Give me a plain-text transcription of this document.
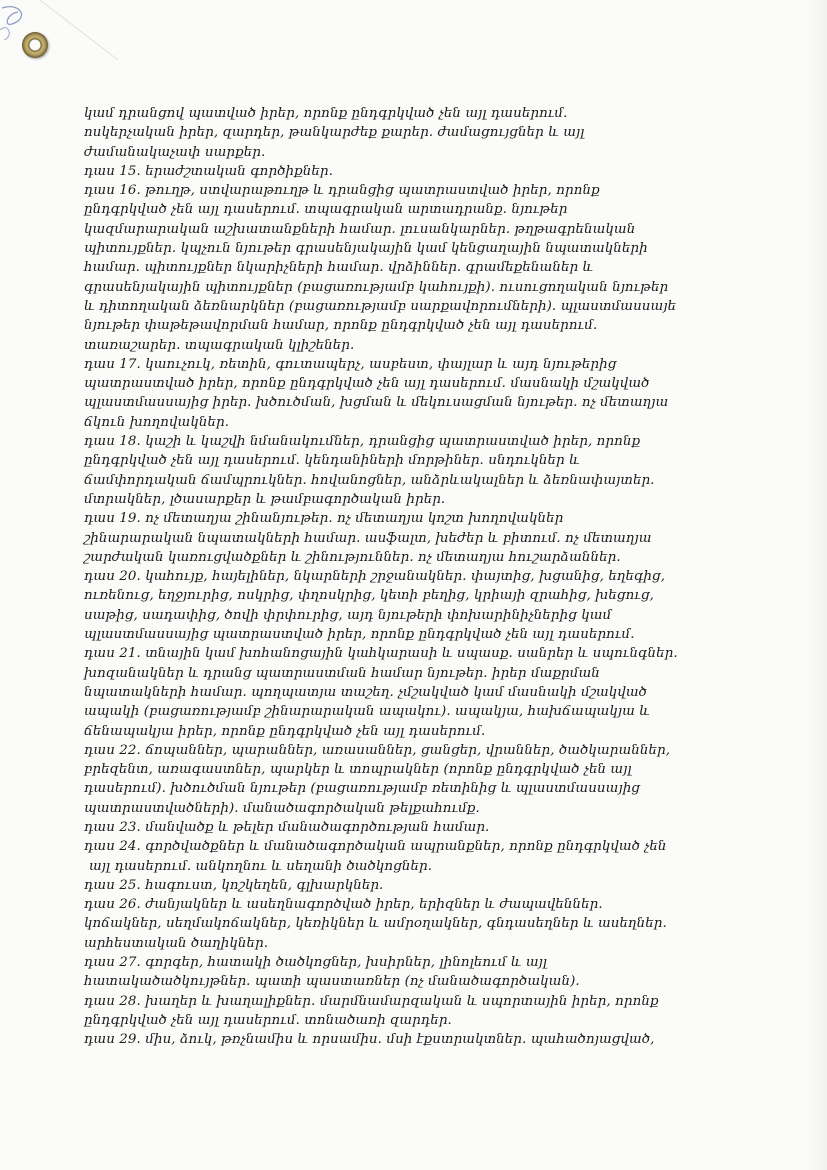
կամ դրանցով պատված իրեր, որոնք ընդգրկված չեն այլ դասերում.
ոսկերչական իրեր, զարդեր, թանկարժեք քարեր. ժամացույցներ և այլ
ժամանակաչափ սարքեր.
դաս 15. երաժշտական գործիքներ.
դաս 16. թուղթ, ստվարաթուղթ և դրանցից պատրաստված իրեր, որոնք
ընդգրկված չեն այլ դասերում. տպագրական արտադրանք. նյութեր
կազմարարական աշխատանքների համար. լուսանկարներ. թղթագրենական
պիտույքներ. կպչուն նյութեր գրասենյակային կամ կենցաղային նպատակների
համար. պիտույքներ նկարիչների համար. վրձիններ. գրամեքենաներ և
գրասենյակային պիտույքներ (բացառությամբ կահույքի). ուսուցողական նյութեր
և դիտողական ձեռնարկներ (բացառությամբ սարքավորումների). պլաստմասսայե
նյութեր փաթեթավորման համար, որոնք ընդգրկված չեն այլ դասերում.
տառաշարեր. տպագրական կլիշեներ.
դաս 17. կաուչուկ, ռետին, գուտապերչ, ասբեստ, փայլար և այդ նյութերից
պատրաստված իրեր, որոնք ընդգրկված չեն այլ դասերում. մասնակի մշակված
պլաստմասսայից իրեր. խծուծման, խցման և մեկուսացման նյութեր. ոչ մետաղյա
ճկուն խողովակներ.
դաս 18. կաշի և կաշվի նմանակումներ, դրանցից պատրաստված իրեր, որոնք
ընդգրկված չեն այլ դասերում. կենդանիների մորթիներ. սնդուկներ և
ճամփորդական ճամպրուկներ. հովանոցներ, անձրևակալներ և ձեռնափայտեր.
մտրակներ, լծասարքեր և թամբագործական իրեր.
դաս 19. ոչ մետաղյա շինանյութեր. ոչ մետաղյա կոշտ խողովակներ
շինարարական նպատակների համար. ասֆալտ, խեժեր և բիտում. ոչ մետաղյա
շարժական կառուցվածքներ և շինություններ. ոչ մետաղյա հուշարձաններ.
դաս 20. կահույք, հայելիներ, նկարների շրջանակներ. փայտից, խցանից, եղեգից,
ուռենուց, եղջյուրից, ոսկրից, փղոսկրից, կետի բեղից, կրիայի զրահից, խեցուց,
սաթից, սադափից, ծովի փրփուրից, այդ նյութերի փոխարինիչներից կամ
պլաստմասսայից պատրաստված իրեր, որոնք ընդգրկված չեն այլ դասերում.
դաս 21. տնային կամ խոհանոցային կահկարասի և սպասք. սանրեր և սպունգներ.
խոզանակներ և դրանց պատրաստման համար նյութեր. իրեր մաքրման
նպատակների համար. պողպատյա տաշեղ. չմշակված կամ մասնակի մշակված
ապակի (բացառությամբ շինարարական ապակու). ապակյա, հախճապակյա և
ճենապակյա իրեր, որոնք ընդգրկված չեն այլ դասերում.
դաս 22. ճոպաններ, պարաններ, առասաններ, ցանցեր, վրաններ, ծածկարաններ,
բրեզենտ, առագաստներ, պարկեր և տոպրակներ (որոնք ընդգրկված չեն այլ
դասերում). խծուծման նյութեր (բացառությամբ ռետինից և պլաստմասսայից
պատրաստվածների). մանածագործական թելքահումք.
դաս 23. մանվածք և թելեր մանածագործության համար.
դաս 24. գործվածքներ և մանածագործական ապրանքներ, որոնք ընդգրկված չեն
այլ դասերում. անկողնու և սեղանի ծածկոցներ.
դաս 25. հագուստ, կոշկեղեն, գլխարկներ.
դաս 26. ժանյակներ և ասեղնագործված իրեր, երիզներ և ժապավեններ.
կոճակներ, սեղմակոճակներ, կեռիկներ և ամրօղակներ, գնդասեղներ և ասեղներ.
արհեստական ծաղիկներ.
դաս 27. գորգեր, հատակի ծածկոցներ, խսիրներ, լինոլեում և այլ
հատակածածկույթներ. պատի պաստառներ (ոչ մանածագործական).
դաս 28. խաղեր և խաղալիքներ. մարմնամարզական և սպորտային իրեր, որոնք
ընդգրկված չեն այլ դասերում. տոնածառի զարդեր.
դաս 29. միս, ձուկ, թռչնամիս և որսամիս. մսի էքստրակտներ. պահածոյացված,
